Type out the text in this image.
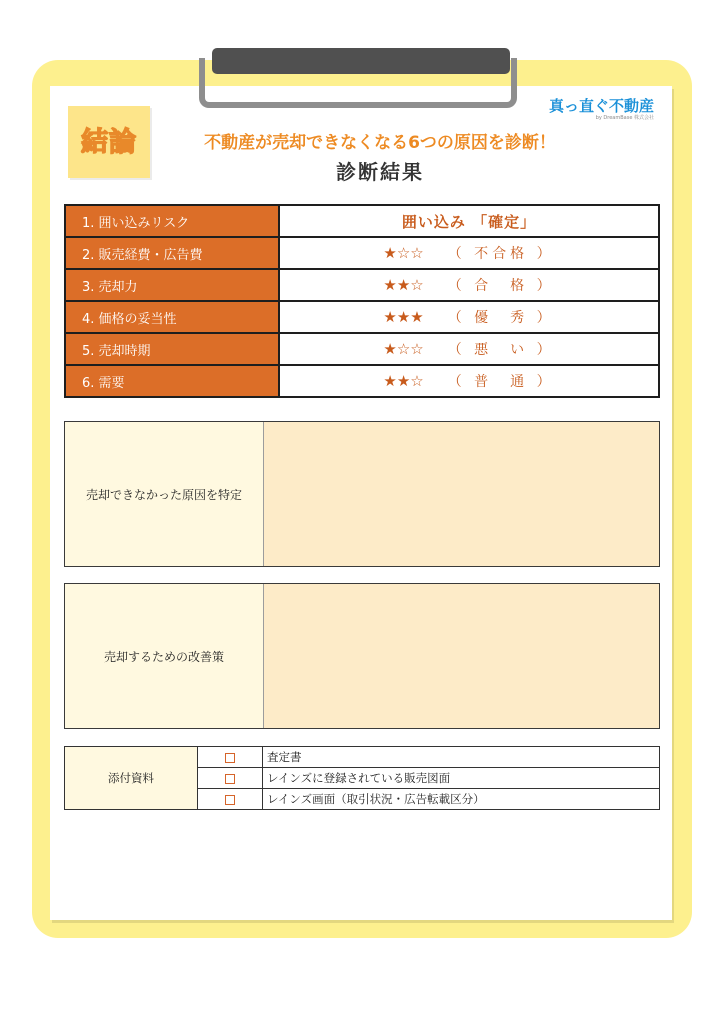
結論
真っ直ぐ不動産
by DreamBase 株式会社
不動産が売却できなくなる6つの原因を診断！
診断結果
1. 囲い込みリスク	囲い込み 「確定」
2. 販売経費・広告費	★☆☆ （ 不合格 ）
3. 売却力	★★☆ （ 合　格 ）
4. 価格の妥当性	★★★ （ 優　秀 ）
5. 売却時期	★☆☆ （ 悪　い ）
6. 需要	★★☆ （ 普　通 ）
売却できなかった原因を特定
売却するための改善策
添付資料		査定書
		レインズに登録されている販売図面
		レインズ画面（取引状況・広告転載区分）
